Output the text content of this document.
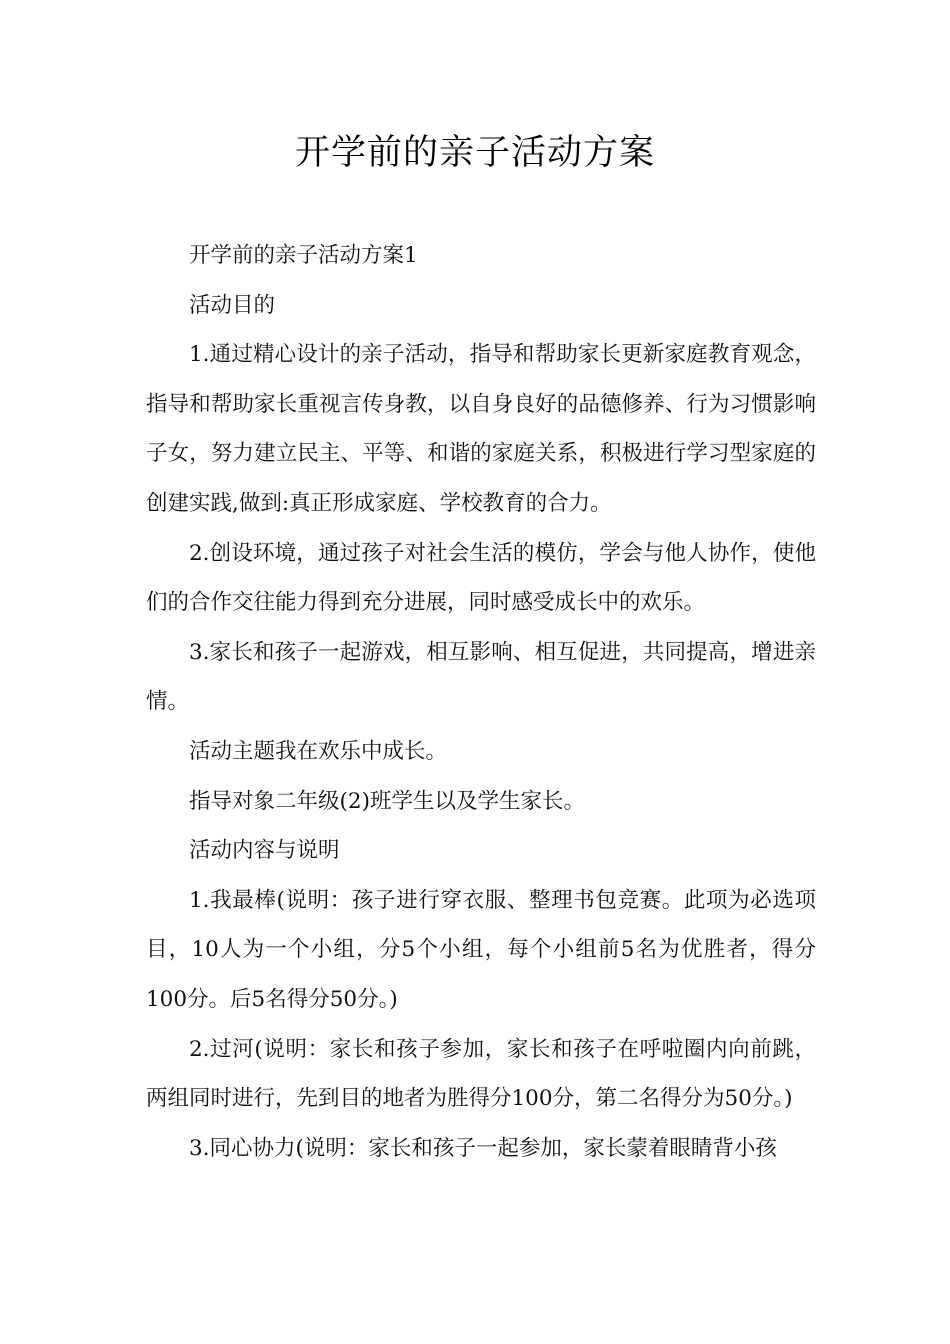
开学前的亲子活动方案

开学前的亲子活动方案1

活动目的

1.通过精心设计的亲子活动，指导和帮助家长更新家庭教育观念，指导和帮助家长重视言传身教，以自身良好的品德修养、行为习惯影响子女，努力建立民主、平等、和谐的家庭关系，积极进行学习型家庭的创建实践,做到:真正形成家庭、学校教育的合力。

2.创设环境，通过孩子对社会生活的模仿，学会与他人协作，使他们的合作交往能力得到充分进展，同时感受成长中的欢乐。

3.家长和孩子一起游戏，相互影响、相互促进，共同提高，增进亲情。

活动主题我在欢乐中成长。

指导对象二年级(2)班学生以及学生家长。

活动内容与说明

1.我最棒(说明：孩子进行穿衣服、整理书包竞赛。此项为必选项目，10人为一个小组，分5个小组，每个小组前5名为优胜者，得分100分。后5名得分50分。)

2.过河(说明：家长和孩子参加，家长和孩子在呼啦圈内向前跳，两组同时进行，先到目的地者为胜得分100分，第二名得分为50分。)

3.同心协力(说明：家长和孩子一起参加，家长蒙着眼睛背小孩
